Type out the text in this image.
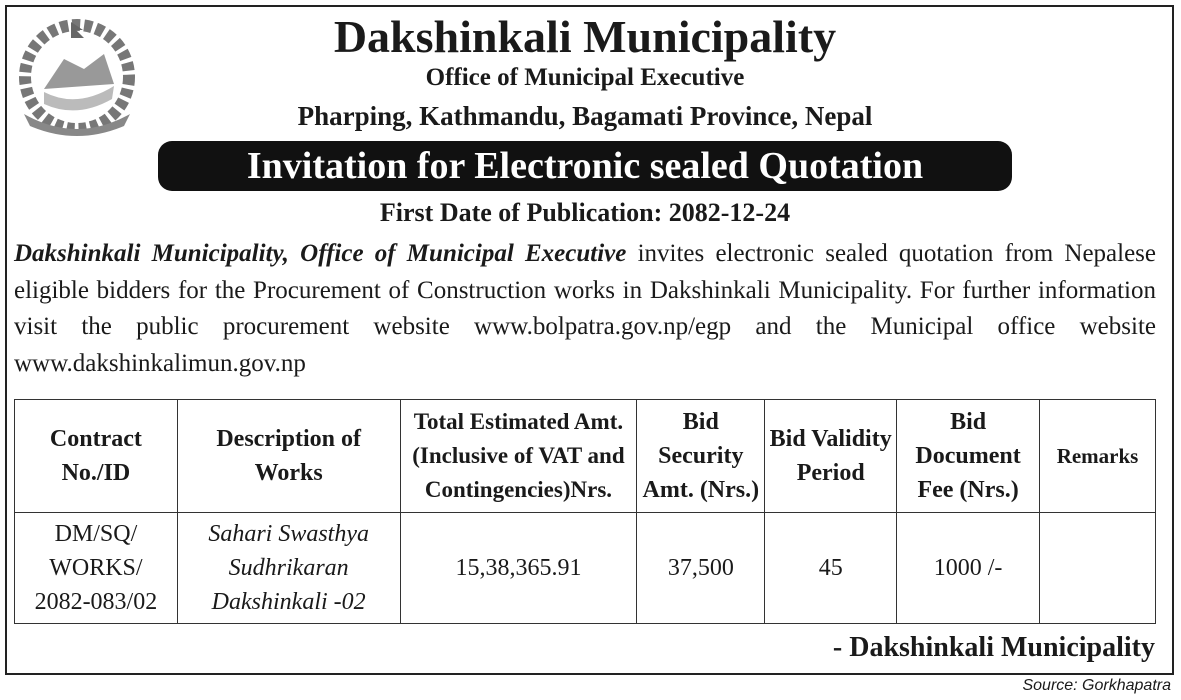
Dakshinkali Municipality
Office of Municipal Executive
Pharping, Kathmandu, Bagamati Province, Nepal
Invitation for Electronic sealed Quotation
First Date of Publication: 2082-12-24
Dakshinkali Municipality, Office of Municipal Executive invites electronic sealed quotation from Nepalese eligible bidders for the Procurement of Construction works in Dakshinkali Municipality. For further information visit the public procurement website www.bolpatra.gov.np/egp and the Municipal office website www.dakshinkalimun.gov.np
Contract No./ID	Description of Works	Total Estimated Amt. (Inclusive of VAT and Contingencies)Nrs.	Bid Security Amt. (Nrs.)	Bid Validity Period	Bid Document Fee (Nrs.)	Remarks
DM/SQ/ WORKS/ 2082-083/02	Sahari Swasthya Sudhrikaran Dakshinkali -02	15,38,365.91	37,500	45	1000 /-	
- Dakshinkali Municipality
Source: Gorkhapatra
